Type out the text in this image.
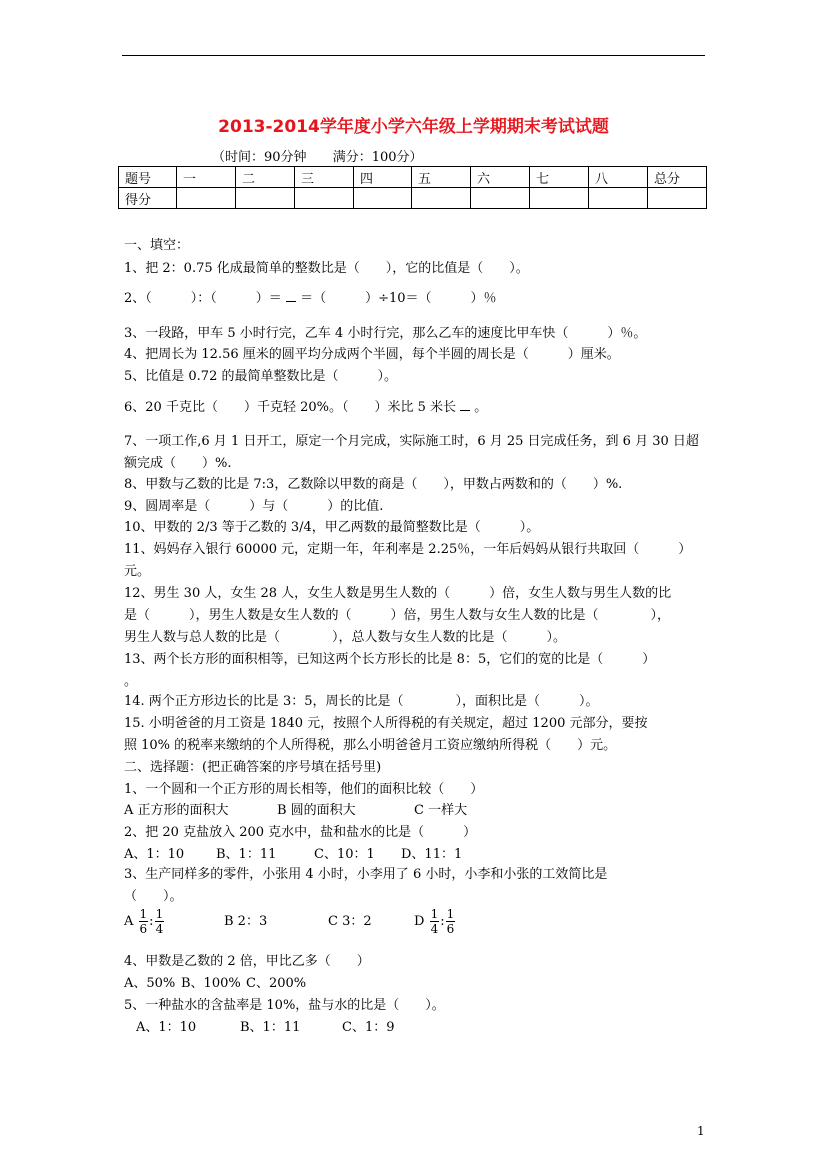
2013-2014学年度小学六年级上学期期末考试试题
（时间：90分钟 满分：100分）
题号	一	二	三	四	五	六	七	八	总分
得分									
一、填空：
1、把 2：0.75 化成最简单的整数比是（　　），它的比值是（　　）。
2、（　　　）：（　　　）＝ ＝（　　　）÷10＝（　　　）％
3、一段路，甲车 5 小时行完，乙车 4 小时行完，那么乙车的速度比甲车快（　　　）％。
4、把周长为 12.56 厘米的圆平均分成两个半圆，每个半圆的周长是（　　　）厘米。
5、比值是 0.72 的最简单整数比是（　　　）。
6、20 千克比（　　）千克轻 20%。（　　）米比 5 米长 。
7、一项工作,6 月 1 日开工，原定一个月完成，实际施工时，6 月 25 日完成任务，到 6 月 30 日超
额完成（　　）%.
8、甲数与乙数的比是 7:3，乙数除以甲数的商是（　　），甲数占两数和的（　　）%.
9、圆周率是（　　　）与（　　　）的比值.
10、甲数的 2/3 等于乙数的 3/4，甲乙两数的最简整数比是（　　　）。
11、妈妈存入银行 60000 元，定期一年，年利率是 2.25％，一年后妈妈从银行共取回（　　　）
元。
12、男生 30 人，女生 28 人，女生人数是男生人数的（　　　）倍，女生人数与男生人数的比
是（　　　），男生人数是女生人数的（　　　）倍，男生人数与女生人数的比是（　　　　），
男生人数与总人数的比是（　　　　），总人数与女生人数的比是（　　　）。
13、两个长方形的面积相等，已知这两个长方形长的比是 8：5，它们的宽的比是（　　　）
。
14. 两个正方形边长的比是 3：5，周长的比是（　　　　），面积比是（　　　）。
15. 小明爸爸的月工资是 1840 元，按照个人所得税的有关规定，超过 1200 元部分，要按
照 10% 的税率来缴纳的个人所得税，那么小明爸爸月工资应缴纳所得税（　　）元。
二、选择题：(把正确答案的序号填在括号里)
1、一个圆和一个正方形的周长相等，他们的面积比较（　　）
A 正方形的面积大	B 圆的面积大	C 一样大
2、把 20 克盐放入 200 克水中，盐和盐水的比是（　　　）
A、1：10 B、1：11	C、10：1 D、11：1
3、生产同样多的零件，小张用 4 小时，小李用了 6 小时，小李和小张的工效简比是
（　　）。
A $\frac{1}{6}$ : $\frac{1}{4}$	B 2：3	C 3：2	D $\frac{1}{4}$ : $\frac{1}{6}$
4、甲数是乙数的 2 倍，甲比乙多（　　）
A、50% B、100% C、200%
5、一种盐水的含盐率是 10%，盐与水的比是（　　）。
A、1：10	B、1：11	C、1：9
1
